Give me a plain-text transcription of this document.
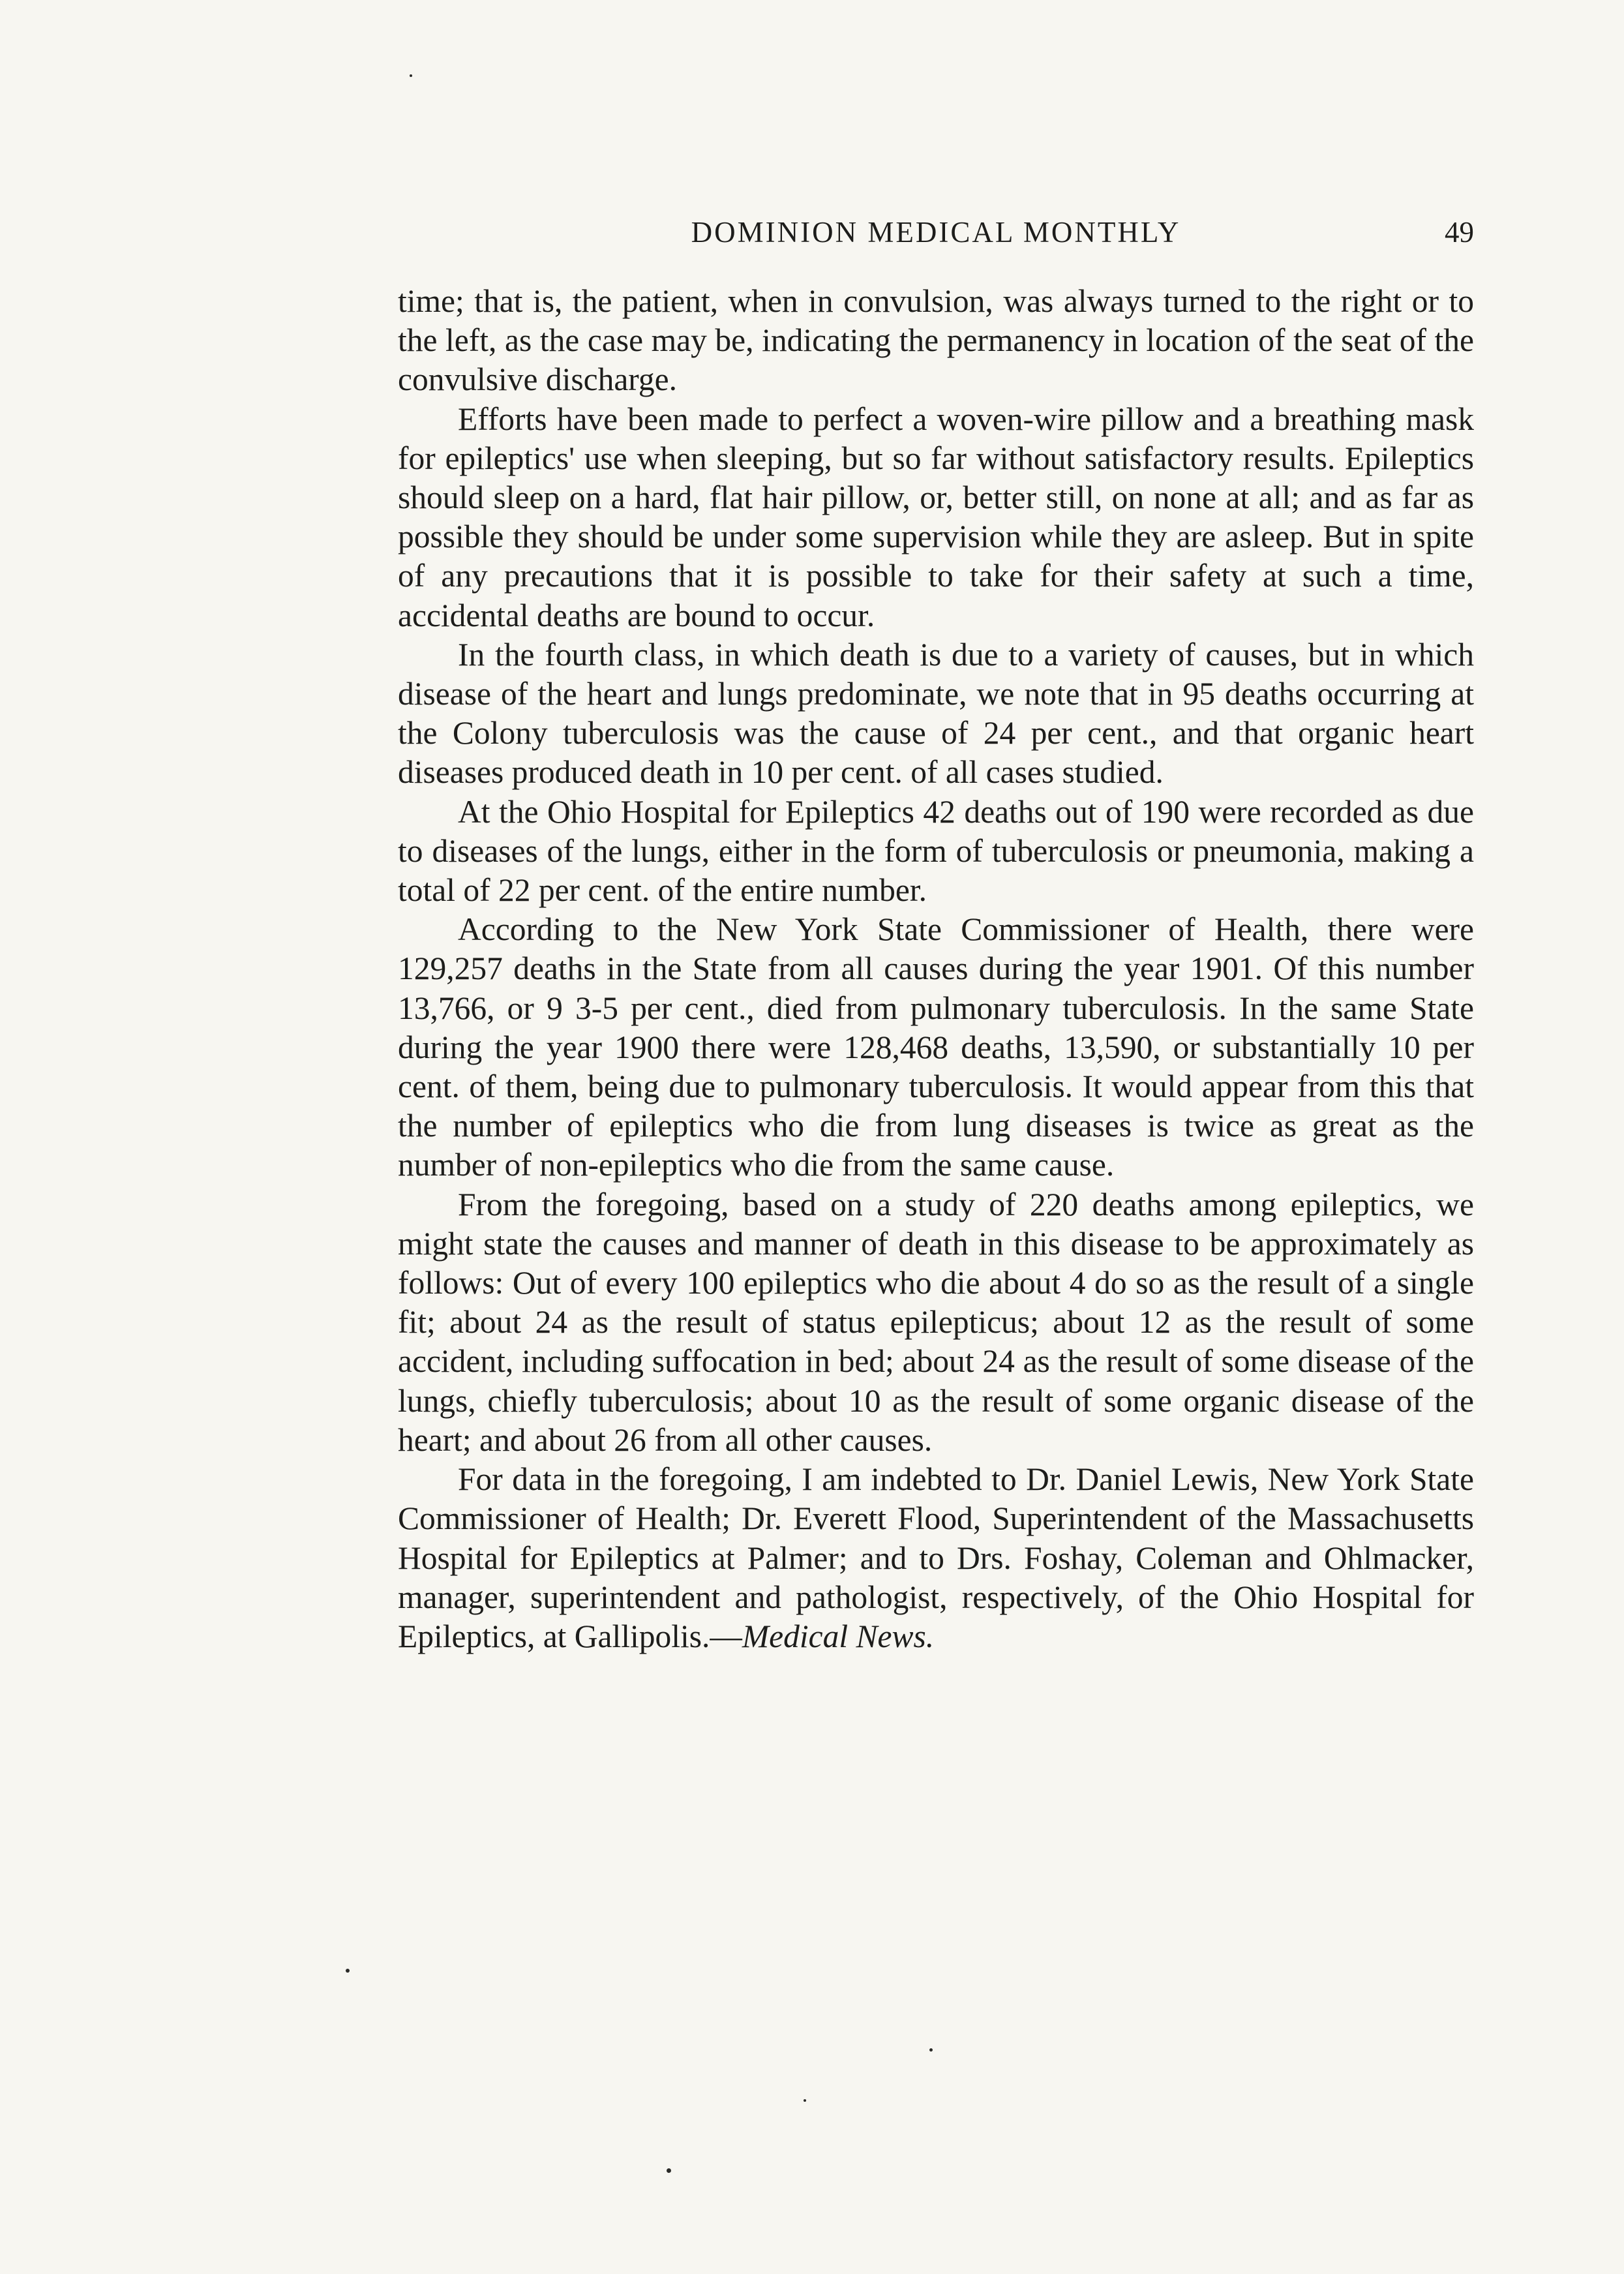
DOMINION MEDICAL MONTHLY	49

time; that is, the patient, when in convulsion, was always turned to the right or to the left, as the case may be, indicating the permanency in location of the seat of the convulsive discharge.

Efforts have been made to perfect a woven-wire pillow and a breathing mask for epileptics' use when sleeping, but so far without satisfactory results. Epileptics should sleep on a hard, flat hair pillow, or, better still, on none at all; and as far as possible they should be under some supervision while they are asleep. But in spite of any precautions that it is possible to take for their safety at such a time, accidental deaths are bound to occur.

In the fourth class, in which death is due to a variety of causes, but in which disease of the heart and lungs predominate, we note that in 95 deaths occurring at the Colony tuberculosis was the cause of 24 per cent., and that organic heart diseases produced death in 10 per cent. of all cases studied.

At the Ohio Hospital for Epileptics 42 deaths out of 190 were recorded as due to diseases of the lungs, either in the form of tuberculosis or pneumonia, making a total of 22 per cent. of the entire number.

According to the New York State Commissioner of Health, there were 129,257 deaths in the State from all causes during the year 1901. Of this number 13,766, or 9 3-5 per cent., died from pulmonary tuberculosis. In the same State during the year 1900 there were 128,468 deaths, 13,590, or substantially 10 per cent. of them, being due to pulmonary tuberculosis. It would appear from this that the number of epileptics who die from lung diseases is twice as great as the number of non-epileptics who die from the same cause.

From the foregoing, based on a study of 220 deaths among epileptics, we might state the causes and manner of death in this disease to be approximately as follows: Out of every 100 epileptics who die about 4 do so as the result of a single fit; about 24 as the result of status epilepticus; about 12 as the result of some accident, including suffocation in bed; about 24 as the result of some disease of the lungs, chiefly tuberculosis; about 10 as the result of some organic disease of the heart; and about 26 from all other causes.

For data in the foregoing, I am indebted to Dr. Daniel Lewis, New York State Commissioner of Health; Dr. Everett Flood, Superintendent of the Massachusetts Hospital for Epileptics at Palmer; and to Drs. Foshay, Coleman and Ohlmacker, manager, superintendent and pathologist, respectively, of the Ohio Hospital for Epileptics, at Gallipolis.—Medical News.
